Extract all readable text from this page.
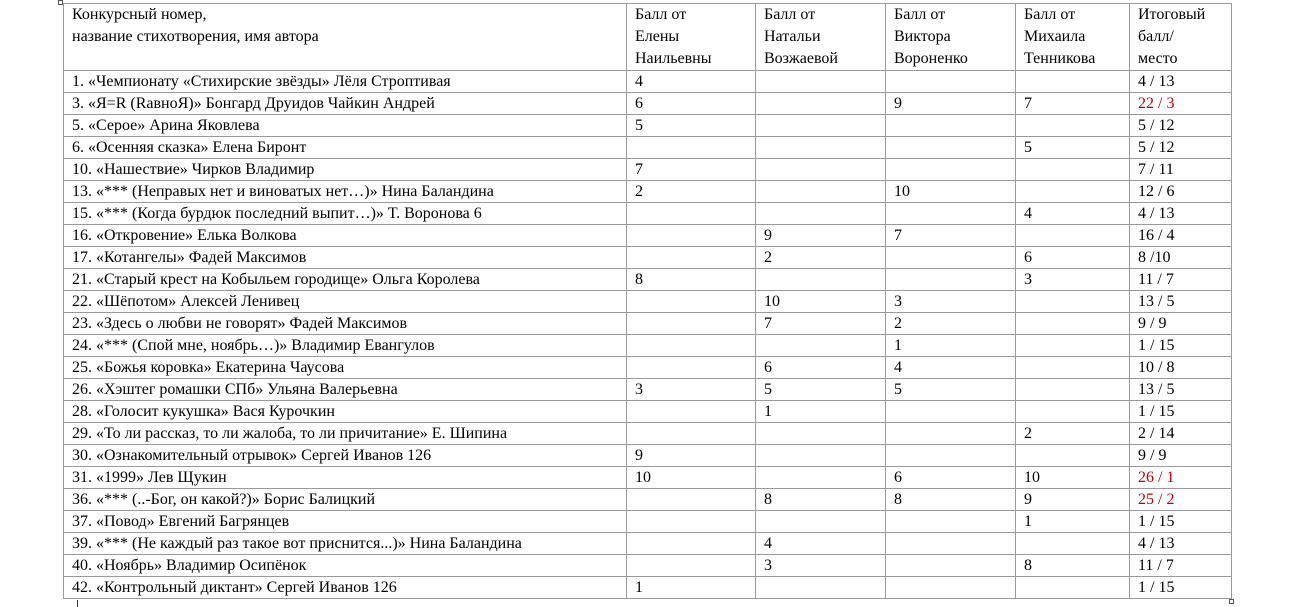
Конкурсный номер,
название стихотворения, имя автора	Балл от
Елены
Наильевны	Балл от
Натальи
Возжаевой	Балл от
Виктора
Вороненко	Балл от
Михаила
Тенникова	Итоговый
балл/
место
1. «Чемпионату «Стихирские звёзды» Лёля Строптивая	4				4 / 13
3. «Я=R (RавноЯ)» Бонгард Друидов Чайкин Андрей	6		9	7	22 / 3
5. «Серое» Арина Яковлева	5				5 / 12
6. «Осенняя сказка» Елена Биронт				5	5 / 12
10. «Нашествие» Чирков Владимир	7				7 / 11
13. «*** (Неправых нет и виноватых нет…)» Нина Баландина	2		10		12 / 6
15. «*** (Когда бурдюк последний выпит…)» Т. Воронова 6				4	4 / 13
16. «Откровение» Елька Волкова		9	7		16 / 4
17. «Котангелы» Фадей Максимов		2		6	8 /10
21. «Старый крест на Кобыльем городище» Ольга Королева	8			3	11 / 7
22. «Шёпотом» Алексей Ленивец		10	3		13 / 5
23. «Здесь о любви не говорят» Фадей Максимов		7	2		9 / 9
24. «*** (Спой мне, ноябрь…)» Владимир Евангулов			1		1 / 15
25. «Божья коровка» Екатерина Чаусова		6	4		10 / 8
26. «Хэштег ромашки СПб» Ульяна Валерьевна	3	5	5		13 / 5
28. «Голосит кукушка» Вася Курочкин		1			1 / 15
29. «То ли рассказ, то ли жалоба, то ли причитание» Е. Шипина				2	2 / 14
30. «Ознакомительный отрывок» Сергей Иванов 126	9				9 / 9
31. «1999» Лев Щукин	10		6	10	26 / 1
36. «*** (..-Бог, он какой?)» Борис Балицкий		8	8	9	25 / 2
37. «Повод» Евгений Багрянцев				1	1 / 15
39. «*** (Не каждый раз такое вот приснится...)» Нина Баландина		4			4 / 13
40. «Ноябрь» Владимир Осипёнок		3		8	11 / 7
42. «Контрольный диктант» Сергей Иванов 126	1				1 / 15
